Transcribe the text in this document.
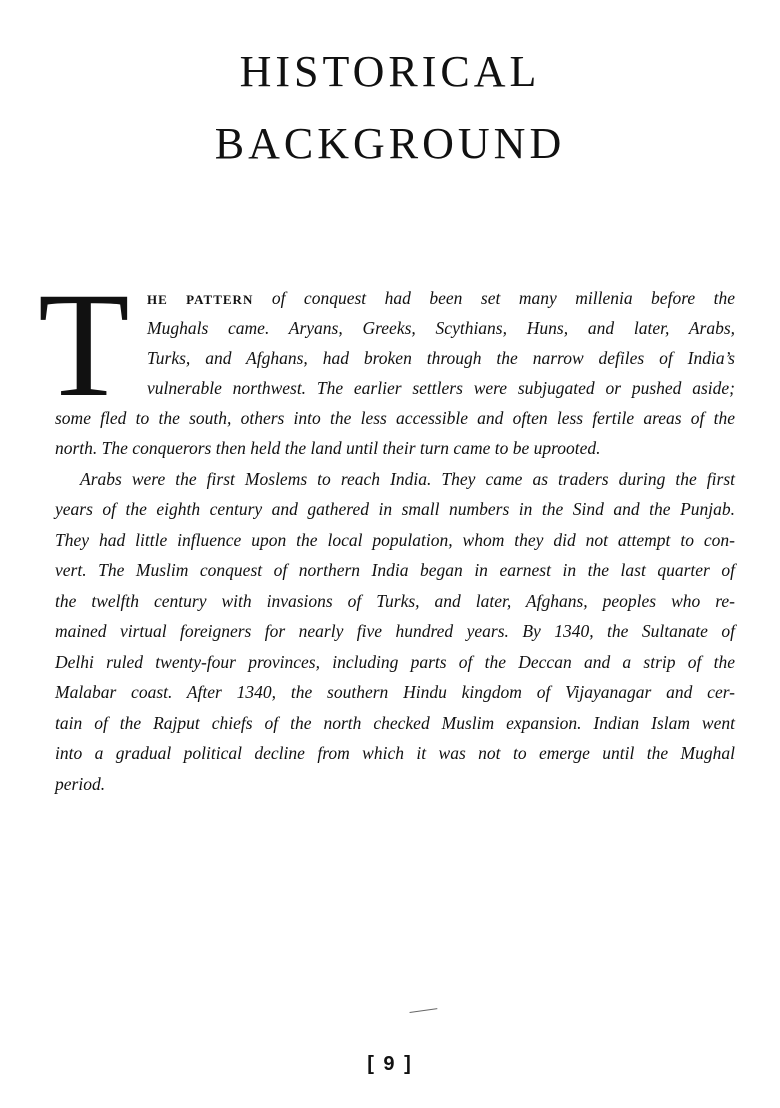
HISTORICAL
BACKGROUND
T HE PATTERN of conquest had been set many millenia before the
Mughals came. Aryans, Greeks, Scythians, Huns, and later, Arabs,
Turks, and Afghans, had broken through the narrow defiles of India’s
vulnerable northwest. The earlier settlers were subjugated or pushed aside;
some fled to the south, others into the less accessible and often less fertile areas of the
north. The conquerors then held the land until their turn came to be uprooted.
Arabs were the first Moslems to reach India. They came as traders during the first
years of the eighth century and gathered in small numbers in the Sind and the Punjab.
They had little influence upon the local population, whom they did not attempt to con-
vert. The Muslim conquest of northern India began in earnest in the last quarter of
the twelfth century with invasions of Turks, and later, Afghans, peoples who re-
mained virtual foreigners for nearly five hundred years. By 1340, the Sultanate of
Delhi ruled twenty-four provinces, including parts of the Deccan and a strip of the
Malabar coast. After 1340, the southern Hindu kingdom of Vijayanagar and cer-
tain of the Rajput chiefs of the north checked Muslim expansion. Indian Islam went
into a gradual political decline from which it was not to emerge until the Mughal
period.
[ 9 ]
